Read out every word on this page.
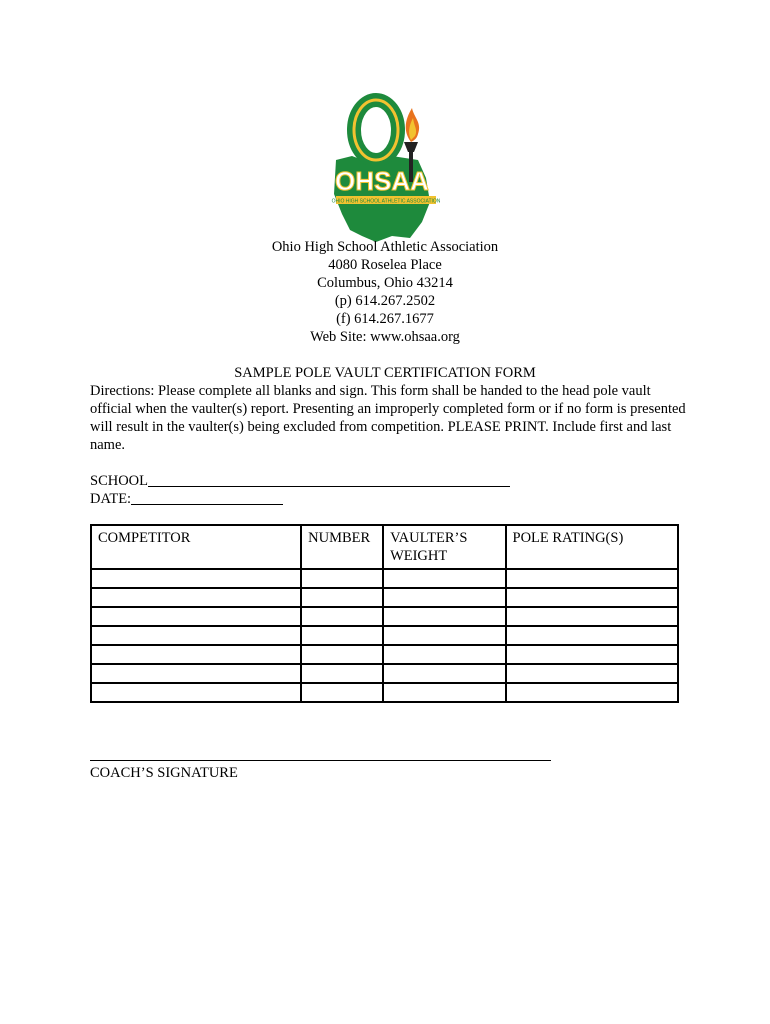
OHSAA
OHIO HIGH SCHOOL ATHLETIC ASSOCIATION
Ohio High School Athletic Association
4080 Roselea Place
Columbus, Ohio 43214
(p) 614.267.2502
(f) 614.267.1677
Web Site: www.ohsaa.org
SAMPLE POLE VAULT CERTIFICATION FORM
Directions: Please complete all blanks and sign. This form shall be handed to the head pole vault official when the vaulter(s) report. Presenting an improperly completed form or if no form is presented will result in the vaulter(s) being excluded from competition. PLEASE PRINT. Include first and last name.
SCHOOL
DATE:
COMPETITOR	NUMBER	VAULTER’S WEIGHT	POLE RATING(S)

COACH’S SIGNATURE
